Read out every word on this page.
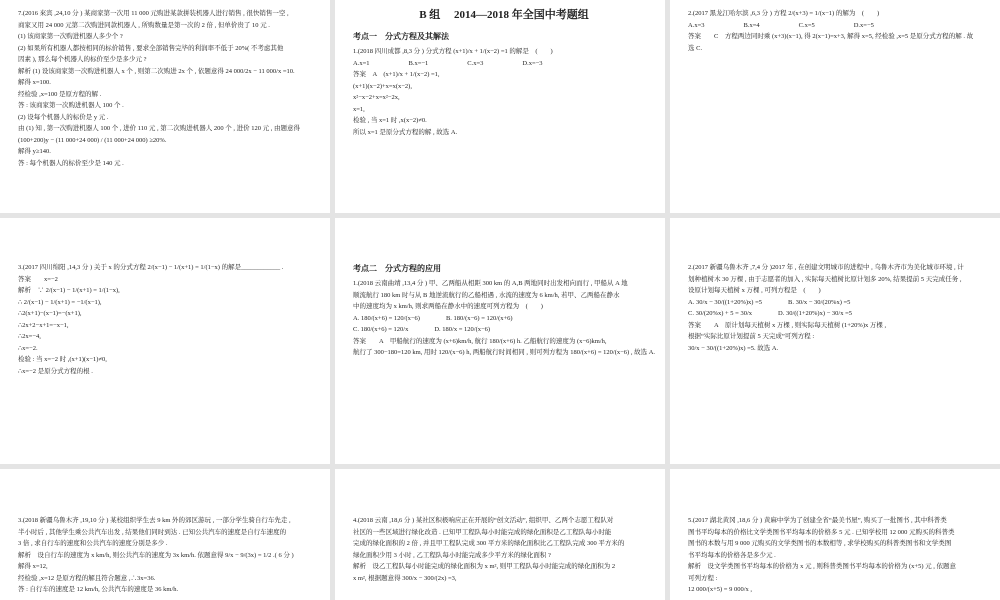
7.(2016 來宾 ,24,10 分 ) 某商家第一次用 11 000 元购进某款拼装机器人进行销售 , 很快销售一空 ,
商家又用 24 000 元第二次购进同款机器人 , 所购数量是第一次的 2 倍 , 但单价贵了 10 元 .
(1) 该商家第一次购进机器人多少个 ?
(2) 如果所有机器人都按相同的标价销售 , 要求全部销售完毕的利润率不低于 20%( 不考虑其他
因素 ), 那么每个机器人的标价至少是多少元 ?
解析 (1) 设该商家第一次购进机器人 x 个 , 则第二次购进 2x 个 , 依题意得 24 000/2x − 11 000/x =10.
解得 x=100.
经检验 ,x=100 是原方程的解 .
答 : 该商家第一次购进机器人 100 个 .
(2) 设每个机器人的标价是 y 元 .
由 (1) 知 , 第一次购进机器人 100 个 , 进价 110 元 , 第二次购进机器人 200 个 , 进价 120 元 , 由题意得
(100+200)y − (11 000+24 000) / (11 000+24 000) ≥20%.
解得 y≥140.
答 : 每个机器人的标价至少是 140 元 .
B 组　 2014—2018 年全国中考题组
考点一　分式方程及其解法
1.(2018 四川成都 ,8,3 分 ) 分式方程 (x+1)/x + 1/(x−2) =1 的解是　(　　)
A.x=1　　　　　　B.x=−1　　　　　　C.x=3　　　　　　D.x=−3
答案　A　(x+1)/x + 1/(x−2) =1,
(x+1)(x−2)+x=x(x−2),
x²−x−2+x=x²−2x,
x=1,
检验 , 当 x=1 时 ,x(x−2)≠0.
所以 x=1 是原分式方程的解 , 故选 A.
2.(2017 黑龙江哈尔滨 ,6,3 分 ) 方程 2/(x+3) = 1/(x−1) 的解为　(　　)
A.x=3　　　　　　B.x=4　　　　　　C.x=5　　　　　　D.x=−5
答案　　C　方程两边同时乘 (x+3)(x−1), 得 2(x−1)=x+3, 解得 x=5, 经检验 ,x=5 是原分式方程的解 . 故
选 C.
3.(2017 四川绵阳 ,14,3 分 ) 关于 x 的分式方程 2/(x−1) − 1/(x+1) = 1/(1−x) 的解是____________ .
答案　　x=−2
解析　∵ 2/(x−1) − 1/(x+1) = 1/(1−x),
∴ 2/(x−1) − 1/(x+1) = −1/(x−1),
∴2(x+1)−(x−1)=−(x+1),
∴2x+2−x+1=−x−1,
∴2x=−4,
∴x=−2.
检验 : 当 x=−2 时 ,(x+1)(x−1)≠0,
∴x=−2 是原分式方程的根 .
考点二　分式方程的应用
1.(2018 云南曲靖 ,13,4 分 ) 甲、乙两船从相距 300 km 的 A,B 两地同时出发相向而行 , 甲船从 A 地
顺流航行 180 km 时与从 B 地逆流航行的乙船相遇 , 水流的速度为 6 km/h, 若甲、乙两船在静水
中的速度均为 x km/h, 则求两船在静水中的速度可列方程为　(　　)
A. 180/(x+6) = 120/(x−6)　　　　B. 180/(x−6) = 120/(x+6)
C. 180/(x+6) = 120/x　　　　D. 180/x = 120/(x−6)
答案　　A　甲船航行的速度为 (x+6)km/h, 航行 180/(x+6) h. 乙船航行的速度为 (x−6)km/h,
航行了 300−180=120 km, 用时 120/(x−6) h, 两船航行时间相同 , 则可列方程为 180/(x+6) = 120/(x−6) , 故选 A.
2.(2017 新疆乌鲁木齐 ,7,4 分 )2017 年 , 在创建文明城市的进程中 , 乌鲁木齐市为美化城市环境 , 计
划种植树木 30 万棵 , 由于志愿者的加入 , 实际每天植树比原计划多 20%, 结果提前 5 天完成任务 ,
设原计划每天植树 x 万棵 , 可列方程是　(　　)
A. 30/x − 30/((1+20%)x) =5　　　　B. 30/x − 30/(20%x) =5
C. 30/(20%x) + 5 = 30/x　　　　D. 30/((1+20%)x) − 30/x =5
答案　　A　原计划每天植树 x 万棵 , 则实际每天植树 (1+20%)x 万棵 ,
根据“实际比原计划提前 5 天完成”可列方程 :
30/x − 30/((1+20%)x) =5. 故选 A.
3.(2018 新疆乌鲁木齐 ,19,10 分 ) 某校组织学生去 9 km 外的郊区游玩 , 一部分学生骑自行车先走 ,
半小时后 , 其他学生乘公共汽车出发 , 结果他们同时到达 . 已知公共汽车的速度是自行车速度的
3 倍 , 求自行车的速度和公共汽车的速度分别是多少 .
解析　设自行车的速度为 x km/h, 则公共汽车的速度为 3x km/h. 依题意得 9/x − 9/(3x) = 1/2 .( 6 分 )
解得 x=12,
经检验 ,x=12 是原方程的解且符合题意 ,∴3x=36.
答 : 自行车的速度是 12 km/h, 公共汽车的速度是 36 km/h.
4.(2018 云南 ,18,6 分 ) 某社区积极响应正在开展的“创文活动”, 组织甲、乙两个志愿工程队对
社区的一些区域进行绿化改造 . 已知甲工程队每小时能完成的绿化面积是乙工程队每小时能
完成的绿化面积的 2 倍 , 并且甲工程队完成 300 平方米的绿化面积比乙工程队完成 300 平方米的
绿化面积少用 3 小时 , 乙工程队每小时能完成多少平方米的绿化面积 ?
解析　设乙工程队每小时能完成的绿化面积为 x m², 则甲工程队每小时能完成的绿化面积为 2
x m², 根据题意得 300/x − 300/(2x) =3,
5.(2017 湖北黄冈 ,18,6 分 ) 黄麻中学为了创建全省“最美书屋”, 购买了一批图书 , 其中科普类
图书平均每本的价格比文学类图书平均每本的价格多 5 元 . 已知学校用 12 000 元购买的科普类
图书的本数与用 9 000 元购买的文学类图书的本数相等 , 求学校购买的科普类图书和文学类图
书平均每本的价格各是多少元 .
解析　设文学类图书平均每本的价格为 x 元 , 则科普类图书平均每本的价格为 (x+5) 元 , 依题意
可列方程 :
12 000/(x+5) = 9 000/x ,
